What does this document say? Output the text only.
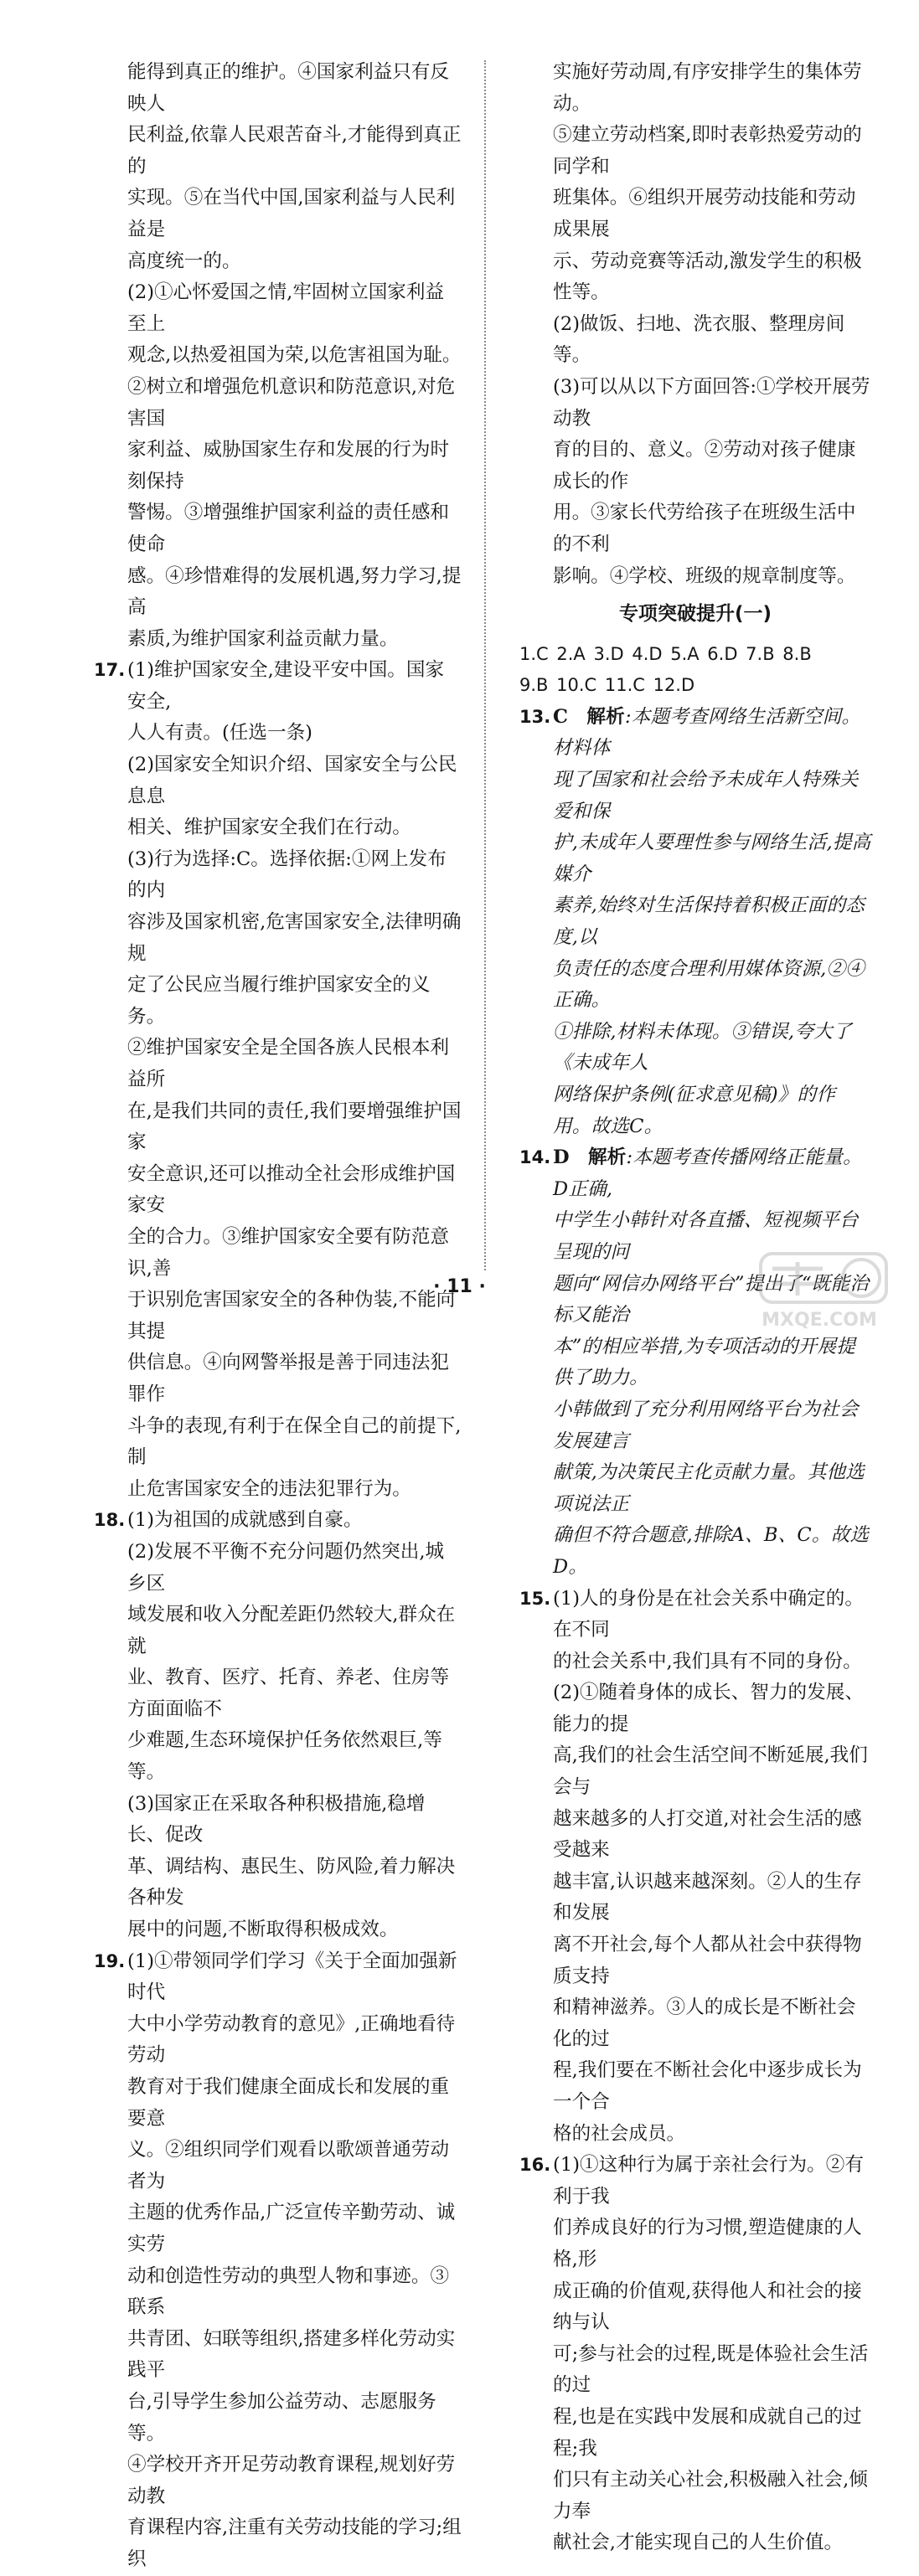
能得到真正的维护。④国家利益只有反映人
民利益,依靠人民艰苦奋斗,才能得到真正的
实现。⑤在当代中国,国家利益与人民利益是
高度统一的。
(2)①心怀爱国之情,牢固树立国家利益至上
观念,以热爱祖国为荣,以危害祖国为耻。
②树立和增强危机意识和防范意识,对危害国
家利益、威胁国家生存和发展的行为时刻保持
警惕。③增强维护国家利益的责任感和使命
感。④珍惜难得的发展机遇,努力学习,提高
素质,为维护国家利益贡献力量。
17. (1)维护国家安全,建设平安中国。国家安全,
人人有责。(任选一条)
(2)国家安全知识介绍、国家安全与公民息息
相关、维护国家安全我们在行动。
(3)行为选择:C。选择依据:①网上发布的内
容涉及国家机密,危害国家安全,法律明确规
定了公民应当履行维护国家安全的义务。
②维护国家安全是全国各族人民根本利益所
在,是我们共同的责任,我们要增强维护国家
安全意识,还可以推动全社会形成维护国家安
全的合力。③维护国家安全要有防范意识,善
于识别危害国家安全的各种伪装,不能向其提
供信息。④向网警举报是善于同违法犯罪作
斗争的表现,有利于在保全自己的前提下,制
止危害国家安全的违法犯罪行为。
18. (1)为祖国的成就感到自豪。
(2)发展不平衡不充分问题仍然突出,城乡区
域发展和收入分配差距仍然较大,群众在就
业、教育、医疗、托育、养老、住房等方面面临不
少难题,生态环境保护任务依然艰巨,等等。
(3)国家正在采取各种积极措施,稳增长、促改
革、调结构、惠民生、防风险,着力解决各种发
展中的问题,不断取得积极成效。
19. (1)①带领同学们学习《关于全面加强新时代
大中小学劳动教育的意见》,正确地看待劳动
教育对于我们健康全面成长和发展的重要意
义。②组织同学们观看以歌颂普通劳动者为
主题的优秀作品,广泛宣传辛勤劳动、诚实劳
动和创造性劳动的典型人物和事迹。③联系
共青团、妇联等组织,搭建多样化劳动实践平
台,引导学生参加公益劳动、志愿服务等。
④学校开齐开足劳动教育课程,规划好劳动教
育课程内容,注重有关劳动技能的学习;组织
实施好劳动周,有序安排学生的集体劳动。
⑤建立劳动档案,即时表彰热爱劳动的同学和
班集体。⑥组织开展劳动技能和劳动成果展
示、劳动竞赛等活动,激发学生的积极性等。
(2)做饭、扫地、洗衣服、整理房间等。
(3)可以从以下方面回答:①学校开展劳动教
育的目的、意义。②劳动对孩子健康成长的作
用。③家长代劳给孩子在班级生活中的不利
影响。④学校、班级的规章制度等。
专项突破提升(一)
1.C 2.A 3.D 4.D 5.A 6.D 7.B 8.B
9.B 10.C 11.C 12.D
13. C 解析:本题考查网络生活新空间。材料体
现了国家和社会给予未成年人特殊关爱和保
护,未成年人要理性参与网络生活,提高媒介
素养,始终对生活保持着积极正面的态度,以
负责任的态度合理利用媒体资源,②④正确。
①排除,材料未体现。③错误,夸大了《未成年人
网络保护条例(征求意见稿)》的作用。故选C。
14. D 解析:本题考查传播网络正能量。D正确,
中学生小韩针对各直播、短视频平台呈现的问
题向“网信办网络平台”提出了“既能治标又能治
本”的相应举措,为专项活动的开展提供了助力。
小韩做到了充分利用网络平台为社会发展建言
献策,为决策民主化贡献力量。其他选项说法正
确但不符合题意,排除A、B、C。故选D。
15. (1)人的身份是在社会关系中确定的。在不同
的社会关系中,我们具有不同的身份。
(2)①随着身体的成长、智力的发展、能力的提
高,我们的社会生活空间不断延展,我们会与
越来越多的人打交道,对社会生活的感受越来
越丰富,认识越来越深刻。②人的生存和发展
离不开社会,每个人都从社会中获得物质支持
和精神滋养。③人的成长是不断社会化的过
程,我们要在不断社会化中逐步成长为一个合
格的社会成员。
16. (1)①这种行为属于亲社会行为。②有利于我
们养成良好的行为习惯,塑造健康的人格,形
成正确的价值观,获得他人和社会的接纳与认
可;参与社会的过程,既是体验社会生活的过
程,也是在实践中发展和成就自己的过程;我
们只有主动关心社会,积极融入社会,倾力奉
献社会,才能实现自己的人生价值。
· 11 ·
MXQE.COM
